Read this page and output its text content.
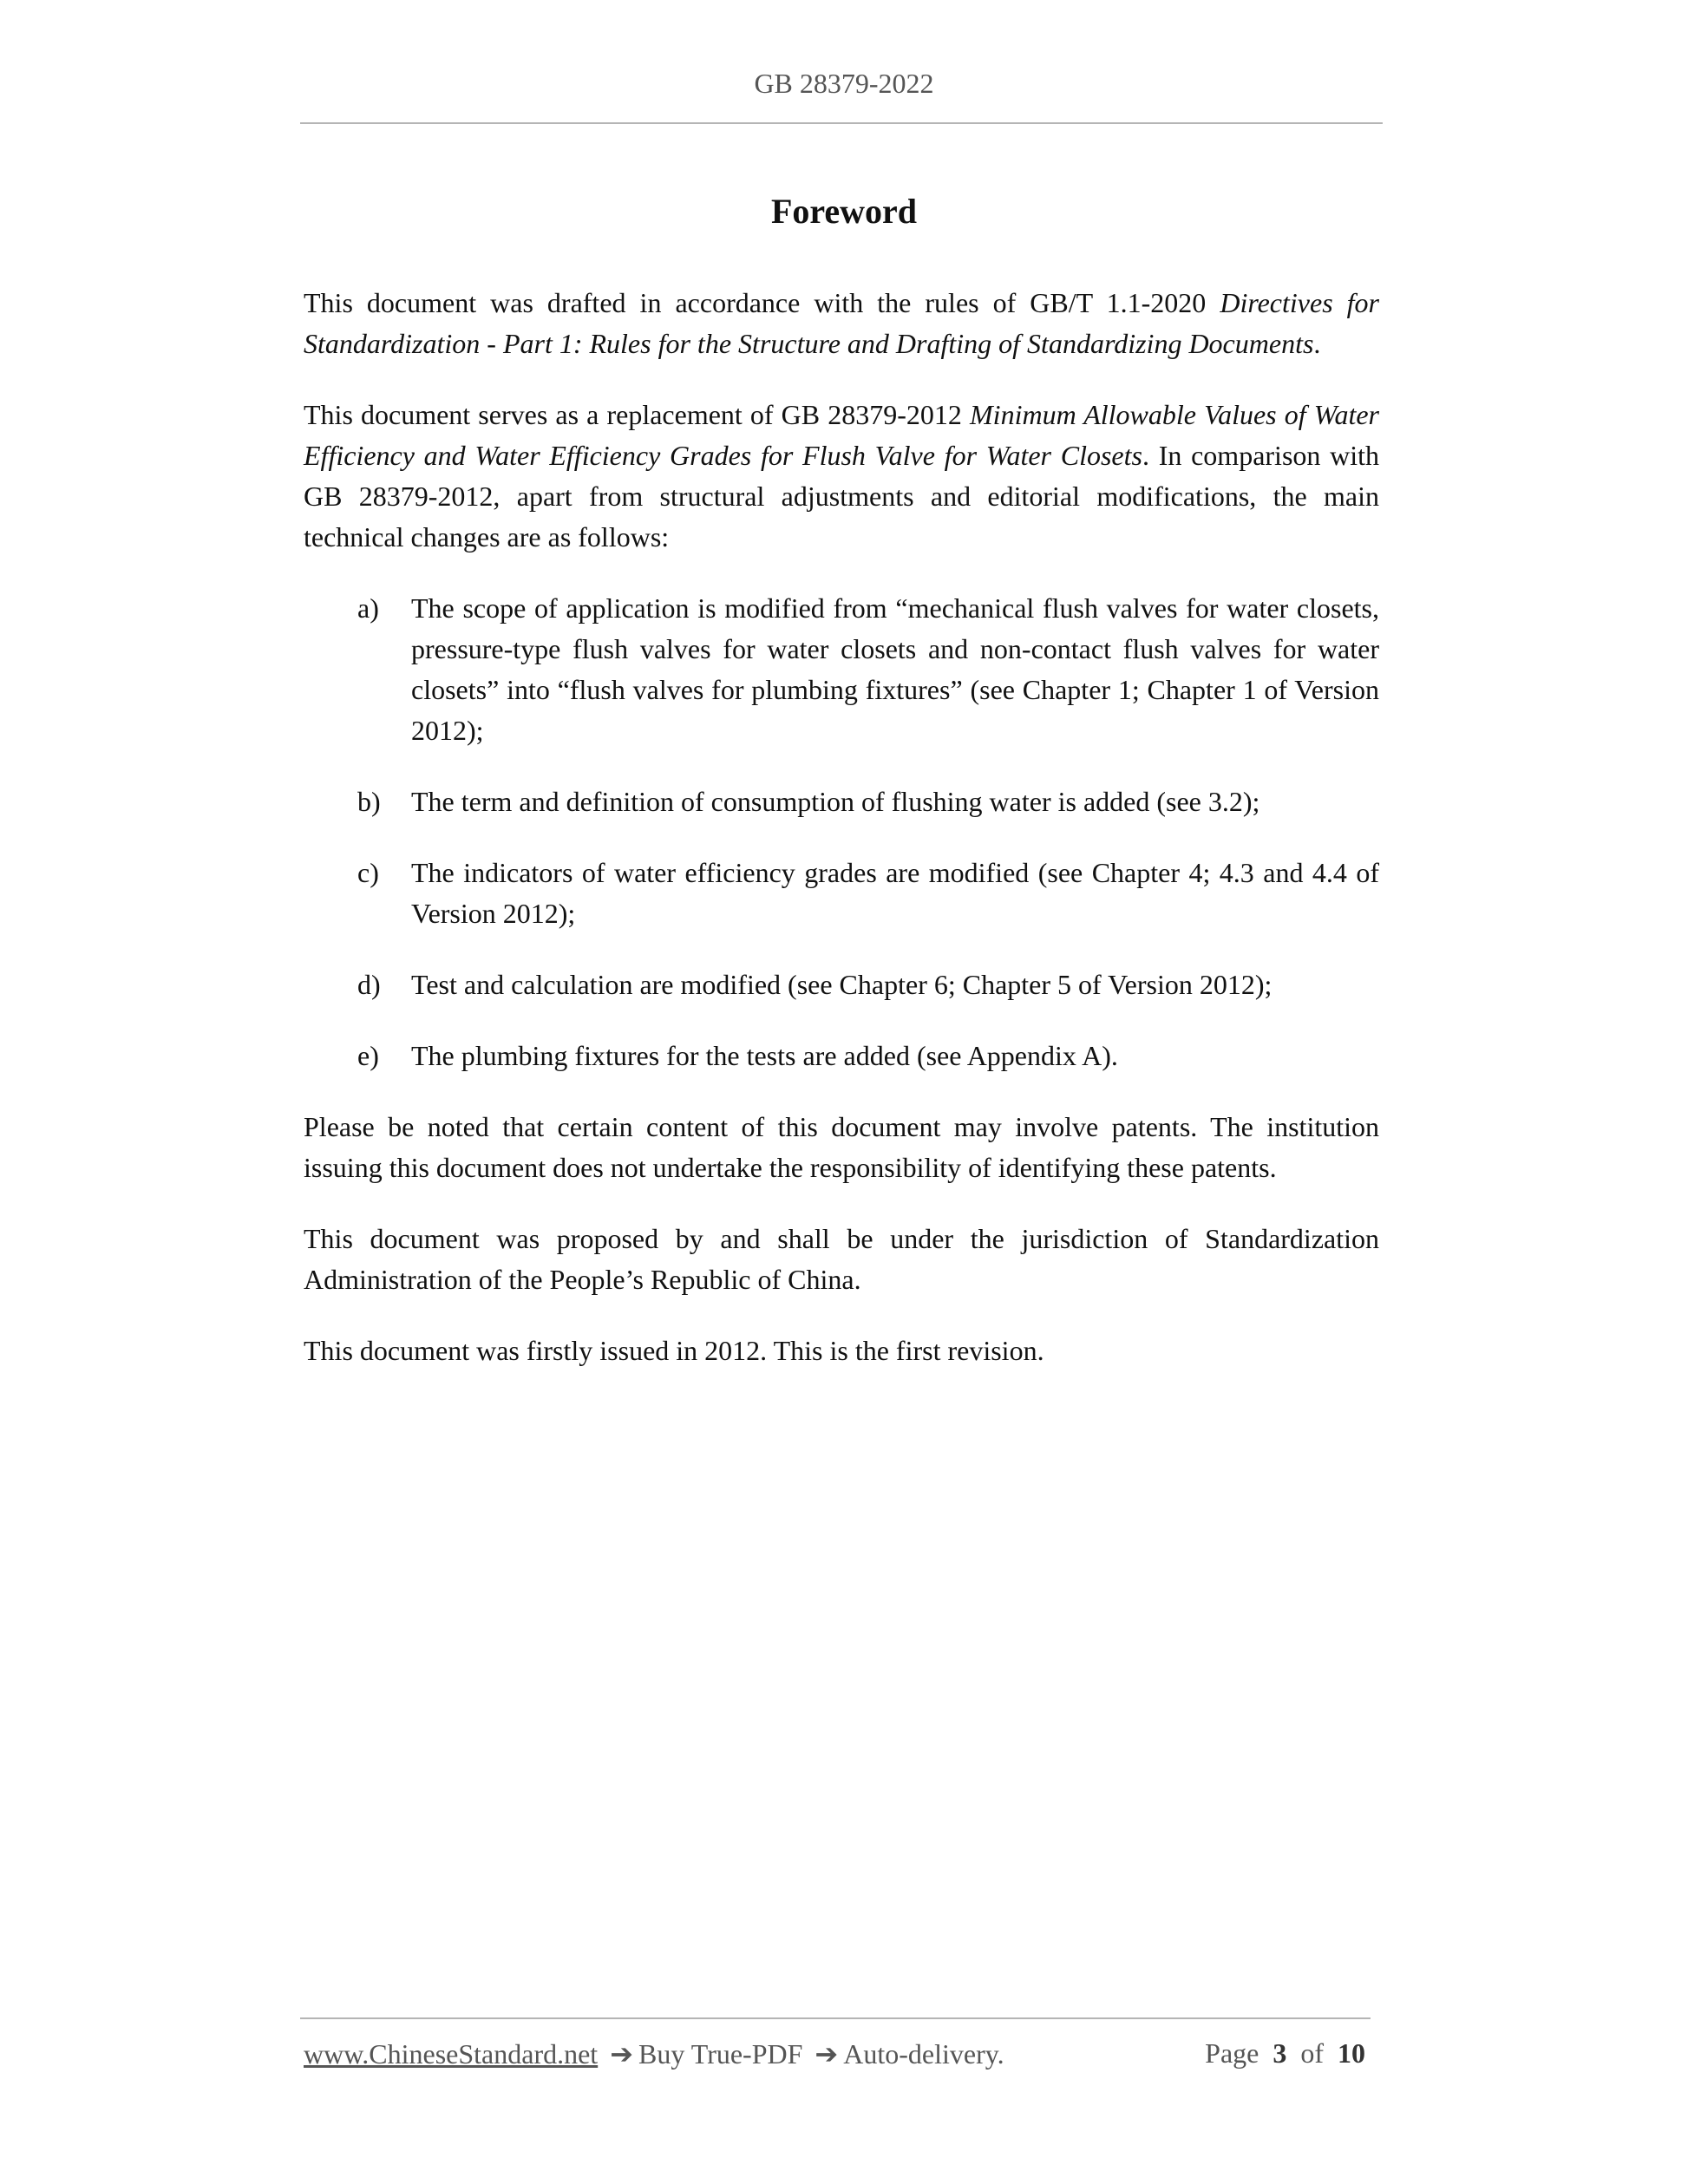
GB 28379-2022
Foreword

This document was drafted in accordance with the rules of GB/T 1.1-2020 Directives for Standardization - Part 1: Rules for the Structure and Drafting of Standardizing Documents.

This document serves as a replacement of GB 28379-2012 Minimum Allowable Values of Water Efficiency and Water Efficiency Grades for Flush Valve for Water Closets. In comparison with GB 28379-2012, apart from structural adjustments and editorial modifications, the main technical changes are as follows:

a)	The scope of application is modified from “mechanical flush valves for water closets, pressure-type flush valves for water closets and non-contact flush valves for water closets” into “flush valves for plumbing fixtures” (see Chapter 1; Chapter 1 of Version 2012);
b)	The term and definition of consumption of flushing water is added (see 3.2);
c)	The indicators of water efficiency grades are modified (see Chapter 4; 4.3 and 4.4 of Version 2012);
d)	Test and calculation are modified (see Chapter 6; Chapter 5 of Version 2012);
e)	The plumbing fixtures for the tests are added (see Appendix A).

Please be noted that certain content of this document may involve patents. The institution issuing this document does not undertake the responsibility of identifying these patents.

This document was proposed by and shall be under the jurisdiction of Standardization Administration of the People’s Republic of China.

This document was firstly issued in 2012. This is the first revision.

www.ChineseStandard.net ➔ Buy True-PDF ➔ Auto-delivery.	Page 3 of 10
